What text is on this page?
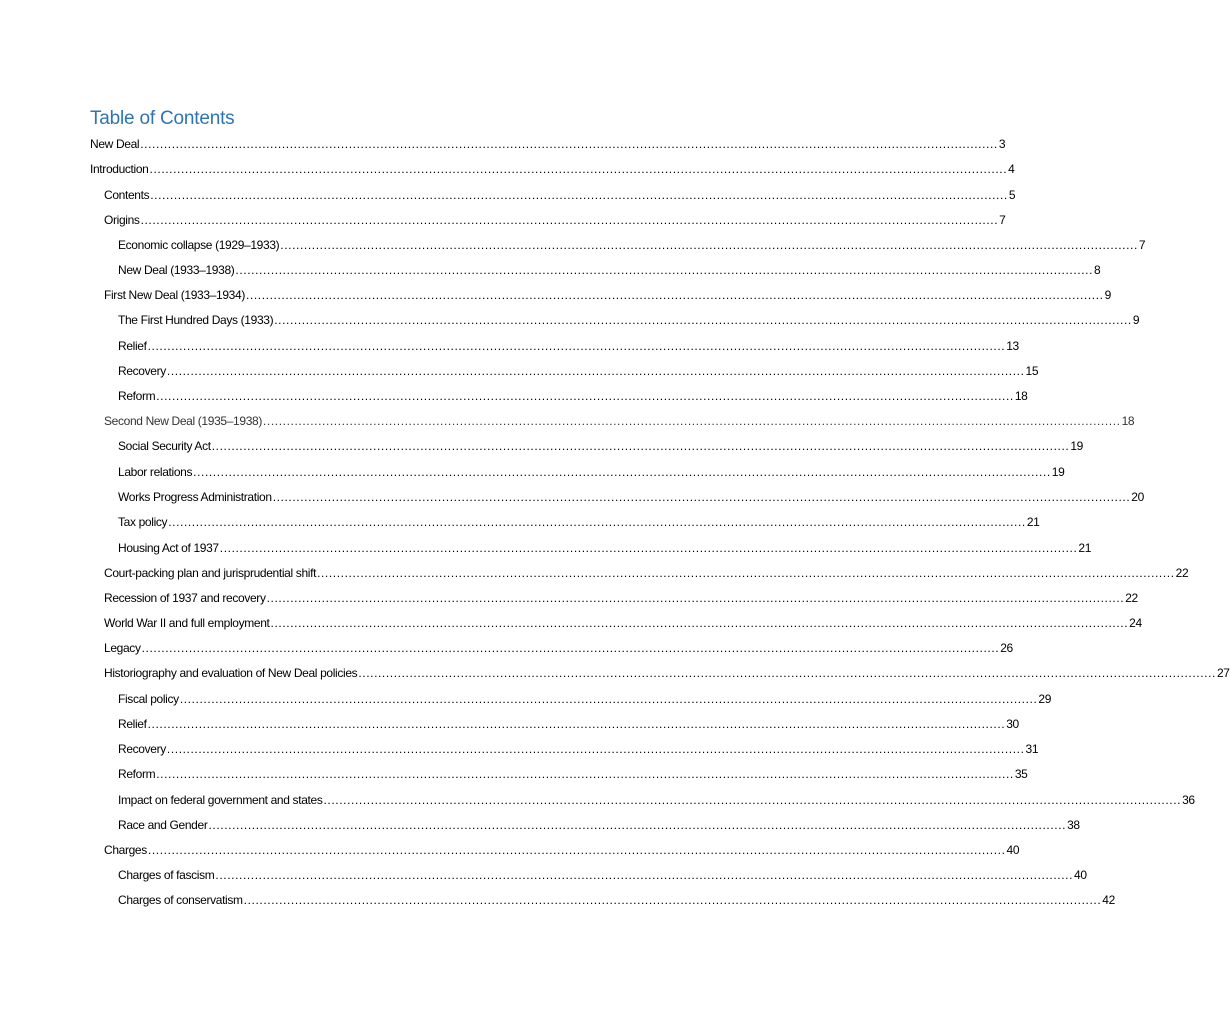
Table of Contents
New Deal .......................................................................................................................................................................................................................... 3
Introduction .......................................................................................................................................................................................................................... 4
Contents .......................................................................................................................................................................................................................... 5
Origins .......................................................................................................................................................................................................................... 7
Economic collapse (1929–1933) .......................................................................................................................................................................................................................... 7
New Deal (1933–1938) .......................................................................................................................................................................................................................... 8
First New Deal (1933–1934) .......................................................................................................................................................................................................................... 9
The First Hundred Days (1933) .......................................................................................................................................................................................................................... 9
Relief .......................................................................................................................................................................................................................... 13
Recovery .......................................................................................................................................................................................................................... 15
Reform .......................................................................................................................................................................................................................... 18
Second New Deal (1935–1938) .......................................................................................................................................................................................................................... 18
Social Security Act .......................................................................................................................................................................................................................... 19
Labor relations .......................................................................................................................................................................................................................... 19
Works Progress Administration .......................................................................................................................................................................................................................... 20
Tax policy .......................................................................................................................................................................................................................... 21
Housing Act of 1937 .......................................................................................................................................................................................................................... 21
Court-packing plan and jurisprudential shift .......................................................................................................................................................................................................................... 22
Recession of 1937 and recovery .......................................................................................................................................................................................................................... 22
World War II and full employment .......................................................................................................................................................................................................................... 24
Legacy .......................................................................................................................................................................................................................... 26
Historiography and evaluation of New Deal policies .......................................................................................................................................................................................................................... 27
Fiscal policy .......................................................................................................................................................................................................................... 29
Relief .......................................................................................................................................................................................................................... 30
Recovery .......................................................................................................................................................................................................................... 31
Reform .......................................................................................................................................................................................................................... 35
Impact on federal government and states .......................................................................................................................................................................................................................... 36
Race and Gender .......................................................................................................................................................................................................................... 38
Charges .......................................................................................................................................................................................................................... 40
Charges of fascism .......................................................................................................................................................................................................................... 40
Charges of conservatism .......................................................................................................................................................................................................................... 42
